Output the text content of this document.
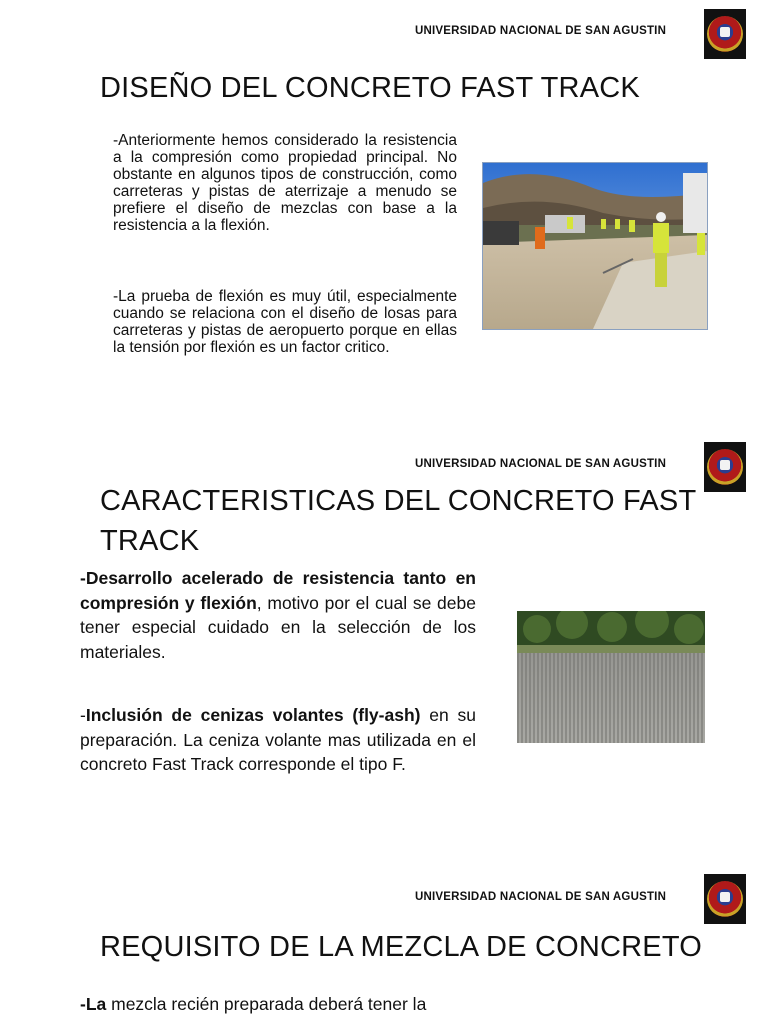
UNIVERSIDAD NACIONAL DE SAN AGUSTIN
DISEÑO DEL CONCRETO FAST TRACK
-Anteriormente hemos considerado la resistencia a la compresión como propiedad principal. No obstante en algunos tipos de construcción, como carreteras y pistas de aterrizaje a menudo se prefiere el diseño de mezclas con base a la resistencia a la flexión.
-La prueba de flexión es muy útil, especialmente cuando se relaciona con el diseño de losas para carreteras y pistas de aeropuerto porque en ellas la tensión por flexión es un factor critico.
UNIVERSIDAD NACIONAL DE SAN AGUSTIN
CARACTERISTICAS DEL CONCRETO FAST
TRACK
-Desarrollo acelerado de resistencia tanto en compresión y flexión, motivo por el cual se debe tener especial cuidado en la selección de los materiales.
-Inclusión de cenizas volantes (fly-ash) en su preparación. La ceniza volante mas utilizada en el concreto Fast Track corresponde el tipo F.
UNIVERSIDAD NACIONAL DE SAN AGUSTIN
REQUISITO DE LA MEZCLA DE CONCRETO
-La mezcla recién preparada deberá tener la
